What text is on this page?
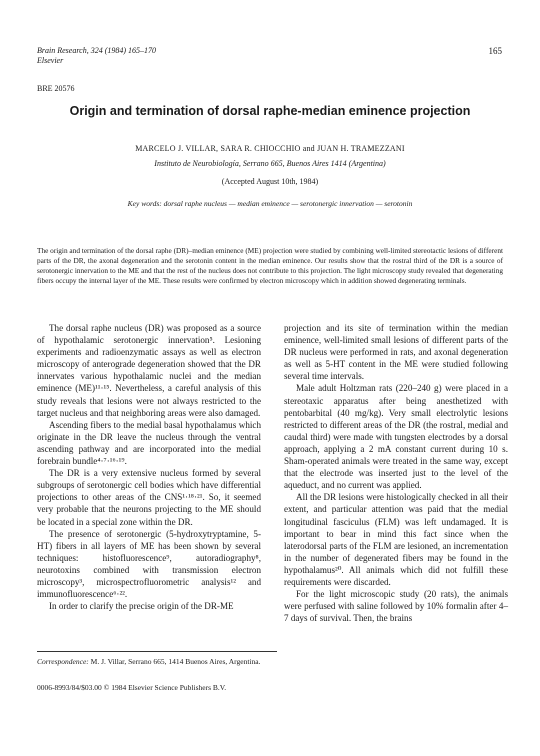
Brain Research, 324 (1984) 165–170
Elsevier
165
BRE 20576
Origin and termination of dorsal raphe-median eminence projection
MARCELO J. VILLAR, SARA R. CHIOCCHIO and JUAN H. TRAMEZZANI
Instituto de Neurobiología, Serrano 665, Buenos Aires 1414 (Argentina)
(Accepted August 10th, 1984)
Key words: dorsal raphe nucleus — median eminence — serotonergic innervation — serotonin
The origin and termination of the dorsal raphe (DR)–median eminence (ME) projection were studied by combining well-limited stereotactic lesions of different parts of the DR, the axonal degeneration and the serotonin content in the median eminence. Our results show that the rostral third of the DR is a source of serotonergic innervation to the ME and that the rest of the nucleus does not contribute to this projection. The light microscopy study revealed that degenerating fibers occupy the internal layer of the ME. These results were confirmed by electron microscopy which in addition showed degenerating terminals.

The dorsal raphe nucleus (DR) was proposed as a source of hypothalamic serotonergic innervation⁵. Lesioning experiments and radioenzymatic assays as well as electron microscopy of anterograde degeneration showed that the DR innervates various hypothalamic nuclei and the median eminence (ME)¹¹·¹⁵. Nevertheless, a careful analysis of this study reveals that lesions were not always restricted to the target nucleus and that neighboring areas were also damaged.

Ascending fibers to the medial basal hypothalamus which originate in the DR leave the nucleus through the ventral ascending pathway and are incorporated into the medial forebrain bundle⁴·⁷·¹⁶·¹⁹.

The DR is a very extensive nucleus formed by several subgroups of serotonergic cell bodies which have differential projections to other areas of the CNS¹·¹⁸·²¹. So, it seemed very probable that the neurons projecting to the ME should be located in a special zone within the DR.

The presence of serotonergic (5-hydroxytryptamine, 5-HT) fibers in all layers of ME has been shown by several techniques: histofluorescence⁹, autoradiography⁸, neurotoxins combined with transmission electron microscopy³, microspectrofluorometric analysis¹² and immunofluorescence⁶·²².

In order to clarify the precise origin of the DR-ME

projection and its site of termination within the median eminence, well-limited small lesions of different parts of the DR nucleus were performed in rats, and axonal degeneration as well as 5-HT content in the ME were studied following several time intervals.

Male adult Holtzman rats (220–240 g) were placed in a stereotaxic apparatus after being anesthetized with pentobarbital (40 mg/kg). Very small electrolytic lesions restricted to different areas of the DR (the rostral, medial and caudal third) were made with tungsten electrodes by a dorsal approach, applying a 2 mA constant current during 10 s. Sham-operated animals were treated in the same way, except that the electrode was inserted just to the level of the aqueduct, and no current was applied.

All the DR lesions were histologically checked in all their extent, and particular attention was paid that the medial longitudinal fasciculus (FLM) was left undamaged. It is important to bear in mind this fact since when the laterodorsal parts of the FLM are lesioned, an incrementation in the number of degenerated fibers may be found in the hypothalamus²⁰. All animals which did not fulfill these requirements were discarded.

For the light microscopic study (20 rats), the animals were perfused with saline followed by 10% formalin after 4–7 days of survival. Then, the brains

Correspondence: M. J. Villar, Serrano 665, 1414 Buenos Aires, Argentina.
0006-8993/84/$03.00 © 1984 Elsevier Science Publishers B.V.
